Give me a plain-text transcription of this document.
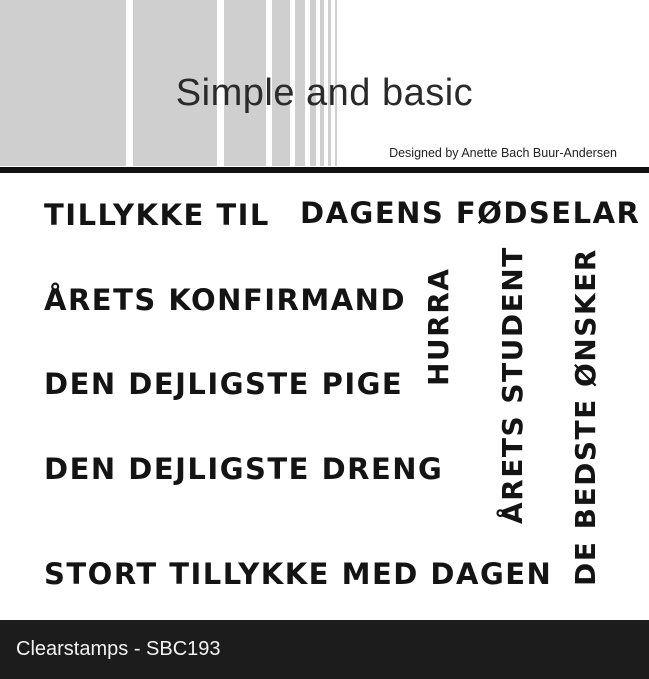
Simple and basic
Designed by Anette Bach Buur-Andersen
TILLYKKE TIL DAGENS FØDSELAR
ÅRETS KONFIRMAND
DEN DEJLIGSTE PIGE
DEN DEJLIGSTE DRENG
STORT TILLYKKE MED DAGEN
HURRA ÅRETS STUDENT DE BEDSTE ØNSKER
Clearstamps - SBC193
